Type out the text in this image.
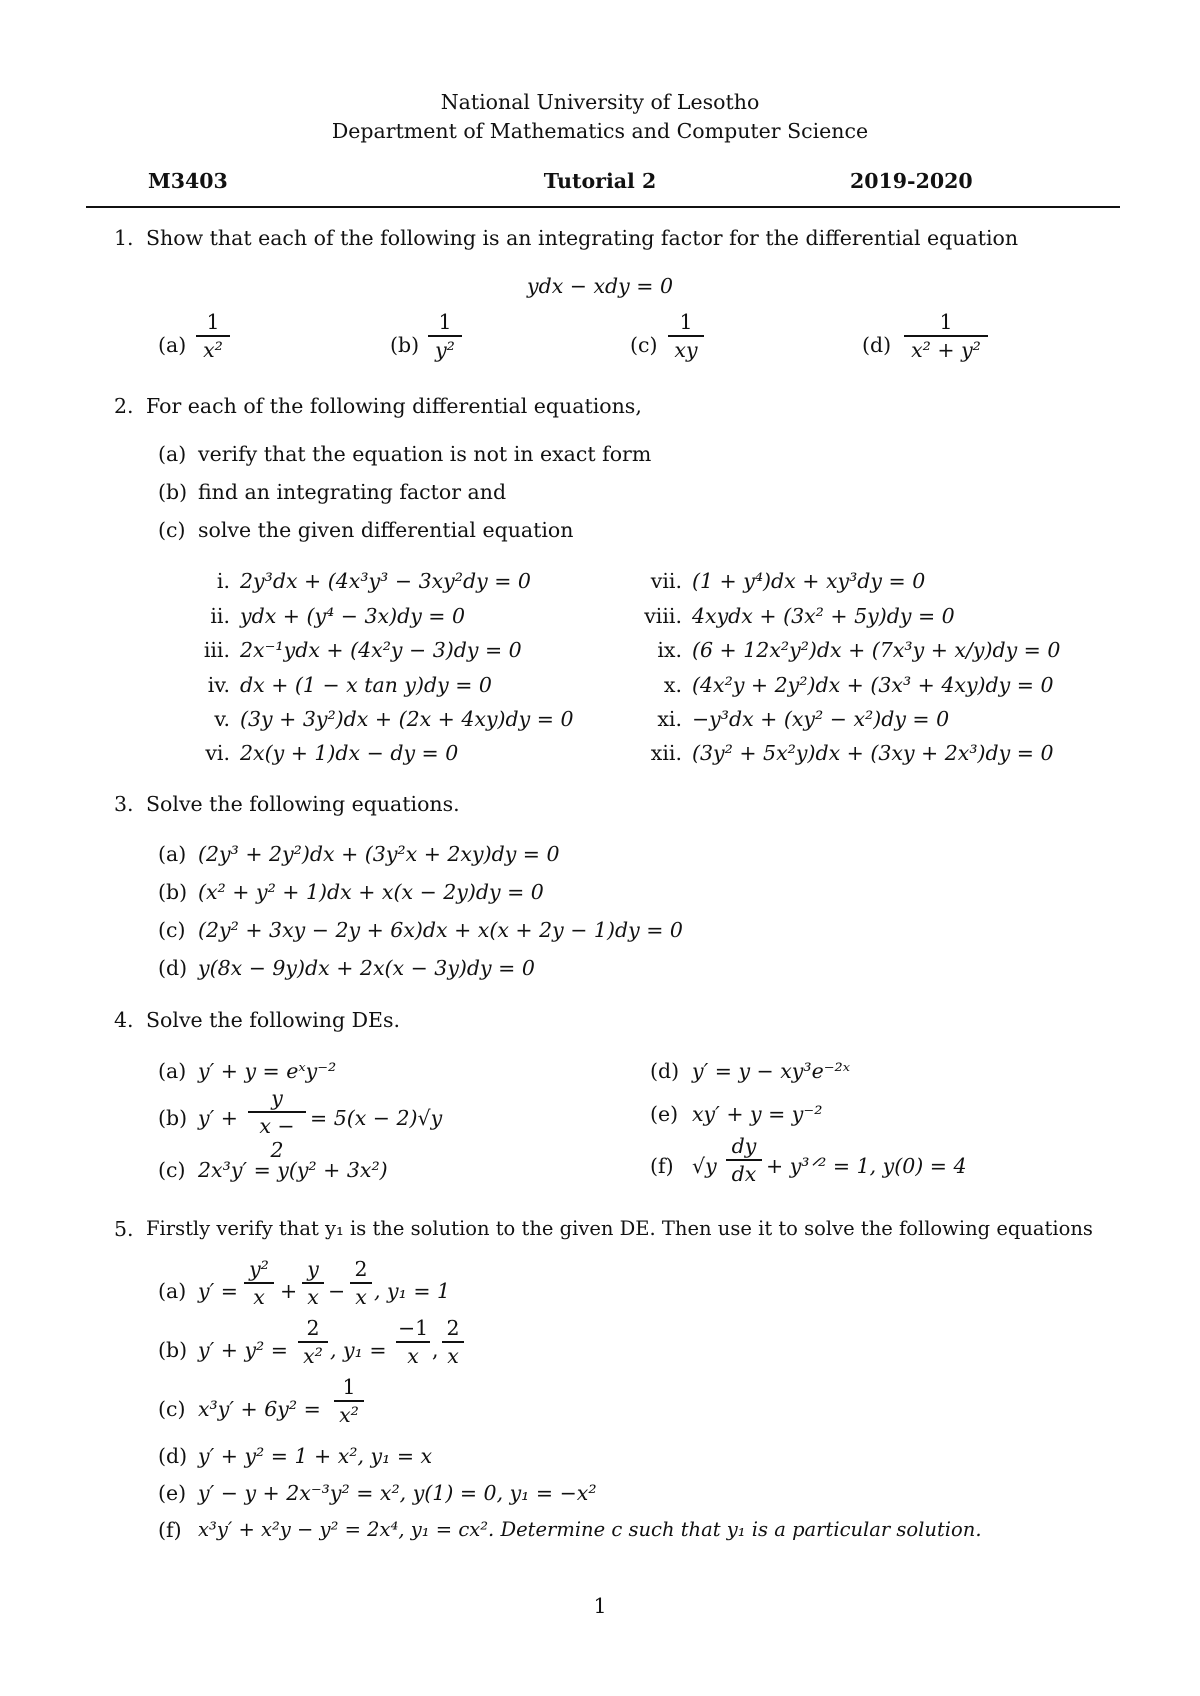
National University of Lesotho
Department of Mathematics and Computer Science
M3403	Tutorial 2	2019-2020
1. Show that each of the following is an integrating factor for the differential equation
ydx − xdy = 0
(a)
1
x²	(b)
1
y²	(c)
1
xy	(d)
1
x² + y²
2. For each of the following differential equations,
(a) verify that the equation is not in exact form
(b) find an integrating factor and
(c) solve the given differential equation
i. 2y³dx + (4x³y³ − 3xy²dy = 0
ii. ydx + (y⁴ − 3x)dy = 0
iii. 2x⁻¹ydx + (4x²y − 3)dy = 0
iv. dx + (1 − x tan y)dy = 0
v. (3y + 3y²)dx + (2x + 4xy)dy = 0
vi. 2x(y + 1)dx − dy = 0
vii. (1 + y⁴)dx + xy³dy = 0
viii. 4xydx + (3x² + 5y)dy = 0
ix. (6 + 12x²y²)dx + (7x³y + x/y)dy = 0
x. (4x²y + 2y²)dx + (3x³ + 4xy)dy = 0
xi. −y³dx + (xy² − x²)dy = 0
xii. (3y² + 5x²y)dx + (3xy + 2x³)dy = 0
3. Solve the following equations.
(a) (2y³ + 2y²)dx + (3y²x + 2xy)dy = 0
(b) (x² + y² + 1)dx + x(x − 2y)dy = 0
(c) (2y² + 3xy − 2y + 6x)dx + x(x + 2y − 1)dy = 0
(d) y(8x − 9y)dx + 2x(x − 3y)dy = 0
4. Solve the following DEs.
(a) y′ + y = eˣy⁻²
(b) y′ +
y
x − 2
= 5(x − 2)√y
(c) 2x³y′ = y(y² + 3x²)
(d) y′ = y − xy³e⁻²ˣ
(e) xy′ + y = y⁻²
(f) √y
dy
dx + y³ᐟ² = 1, y(0) = 4
5. Firstly verify that y₁ is the solution to the given DE. Then use it to solve the following equations
(a) y′ =
y²
x +
y
x −
2
x , y₁ = 1
(b) y′ + y² =
2
x² , y₁ =
−1
x ,
2
x
(c) x³y′ + 6y² =
1
x²
(d) y′ + y² = 1 + x², y₁ = x
(e) y′ − y + 2x⁻³y² = x², y(1) = 0, y₁ = −x²
(f) x³y′ + x²y − y² = 2x⁴, y₁ = cx². Determine c such that y₁ is a particular solution.
1
